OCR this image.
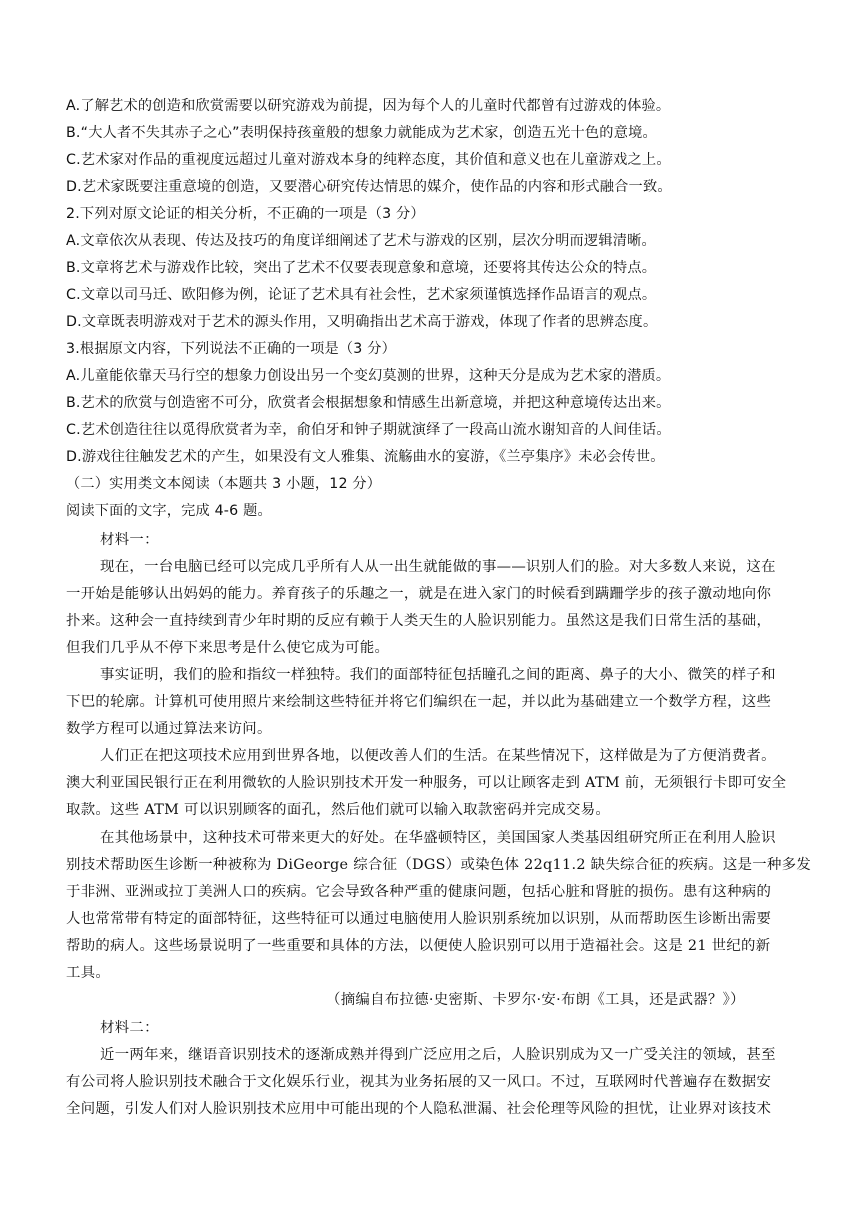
A.了解艺术的创造和欣赏需要以研究游戏为前提，因为每个人的儿童时代都曾有过游戏的体验。
B.“大人者不失其赤子之心”表明保持孩童般的想象力就能成为艺术家，创造五光十色的意境。
C.艺术家对作品的重视度远超过儿童对游戏本身的纯粹态度，其价值和意义也在儿童游戏之上。
D.艺术家既要注重意境的创造，又要潜心研究传达情思的媒介，使作品的内容和形式融合一致。
2.下列对原文论证的相关分析，不正确的一项是（3 分）
A.文章依次从表现、传达及技巧的角度详细阐述了艺术与游戏的区别，层次分明而逻辑清晰。
B.文章将艺术与游戏作比较，突出了艺术不仅要表现意象和意境，还要将其传达公众的特点。
C.文章以司马迁、欧阳修为例，论证了艺术具有社会性，艺术家须谨慎选择作品语言的观点。
D.文章既表明游戏对于艺术的源头作用，又明确指出艺术高于游戏，体现了作者的思辨态度。
3.根据原文内容，下列说法不正确的一项是（3 分）
A.儿童能依靠天马行空的想象力创设出另一个变幻莫测的世界，这种天分是成为艺术家的潜质。
B.艺术的欣赏与创造密不可分，欣赏者会根据想象和情感生出新意境，并把这种意境传达出来。
C.艺术创造往往以觅得欣赏者为幸，俞伯牙和钟子期就演绎了一段高山流水谢知音的人间佳话。
D.游戏往往触发艺术的产生，如果没有文人雅集、流觞曲水的宴游，《兰亭集序》未必会传世。
（二）实用类文本阅读（本题共 3 小题，12 分）
阅读下面的文字，完成 4-6 题。
材料一：
现在，一台电脑已经可以完成几乎所有人从一出生就能做的事——识别人们的脸。对大多数人来说，这在
一开始是能够认出妈妈的能力。养育孩子的乐趣之一，就是在进入家门的时候看到蹒跚学步的孩子激动地向你
扑来。这种会一直持续到青少年时期的反应有赖于人类天生的人脸识别能力。虽然这是我们日常生活的基础，
但我们几乎从不停下来思考是什么使它成为可能。
事实证明，我们的脸和指纹一样独特。我们的面部特征包括瞳孔之间的距离、鼻子的大小、微笑的样子和
下巴的轮廓。计算机可使用照片来绘制这些特征并将它们编织在一起，并以此为基础建立一个数学方程，这些
数学方程可以通过算法来访问。
人们正在把这项技术应用到世界各地，以便改善人们的生活。在某些情况下，这样做是为了方便消费者。
澳大利亚国民银行正在利用微软的人脸识别技术开发一种服务，可以让顾客走到 ATM 前，无须银行卡即可安全
取款。这些 ATM 可以识别顾客的面孔，然后他们就可以输入取款密码并完成交易。
在其他场景中，这种技术可带来更大的好处。在华盛顿特区，美国国家人类基因组研究所正在利用人脸识
别技术帮助医生诊断一种被称为 DiGeorge 综合征（DGS）或染色体 22q11.2 缺失综合征的疾病。这是一种多发
于非洲、亚洲或拉丁美洲人口的疾病。它会导致各种严重的健康问题，包括心脏和肾脏的损伤。患有这种病的
人也常常带有特定的面部特征，这些特征可以通过电脑使用人脸识别系统加以识别，从而帮助医生诊断出需要
帮助的病人。这些场景说明了一些重要和具体的方法，以便使人脸识别可以用于造福社会。这是 21 世纪的新
工具。
（摘编自布拉德·史密斯、卡罗尔·安·布朗《工具，还是武器？》）
材料二：
近一两年来，继语音识别技术的逐渐成熟并得到广泛应用之后，人脸识别成为又一广受关注的领域，甚至
有公司将人脸识别技术融合于文化娱乐行业，视其为业务拓展的又一风口。不过，互联网时代普遍存在数据安
全问题，引发人们对人脸识别技术应用中可能出现的个人隐私泄漏、社会伦理等风险的担忧，让业界对该技术
